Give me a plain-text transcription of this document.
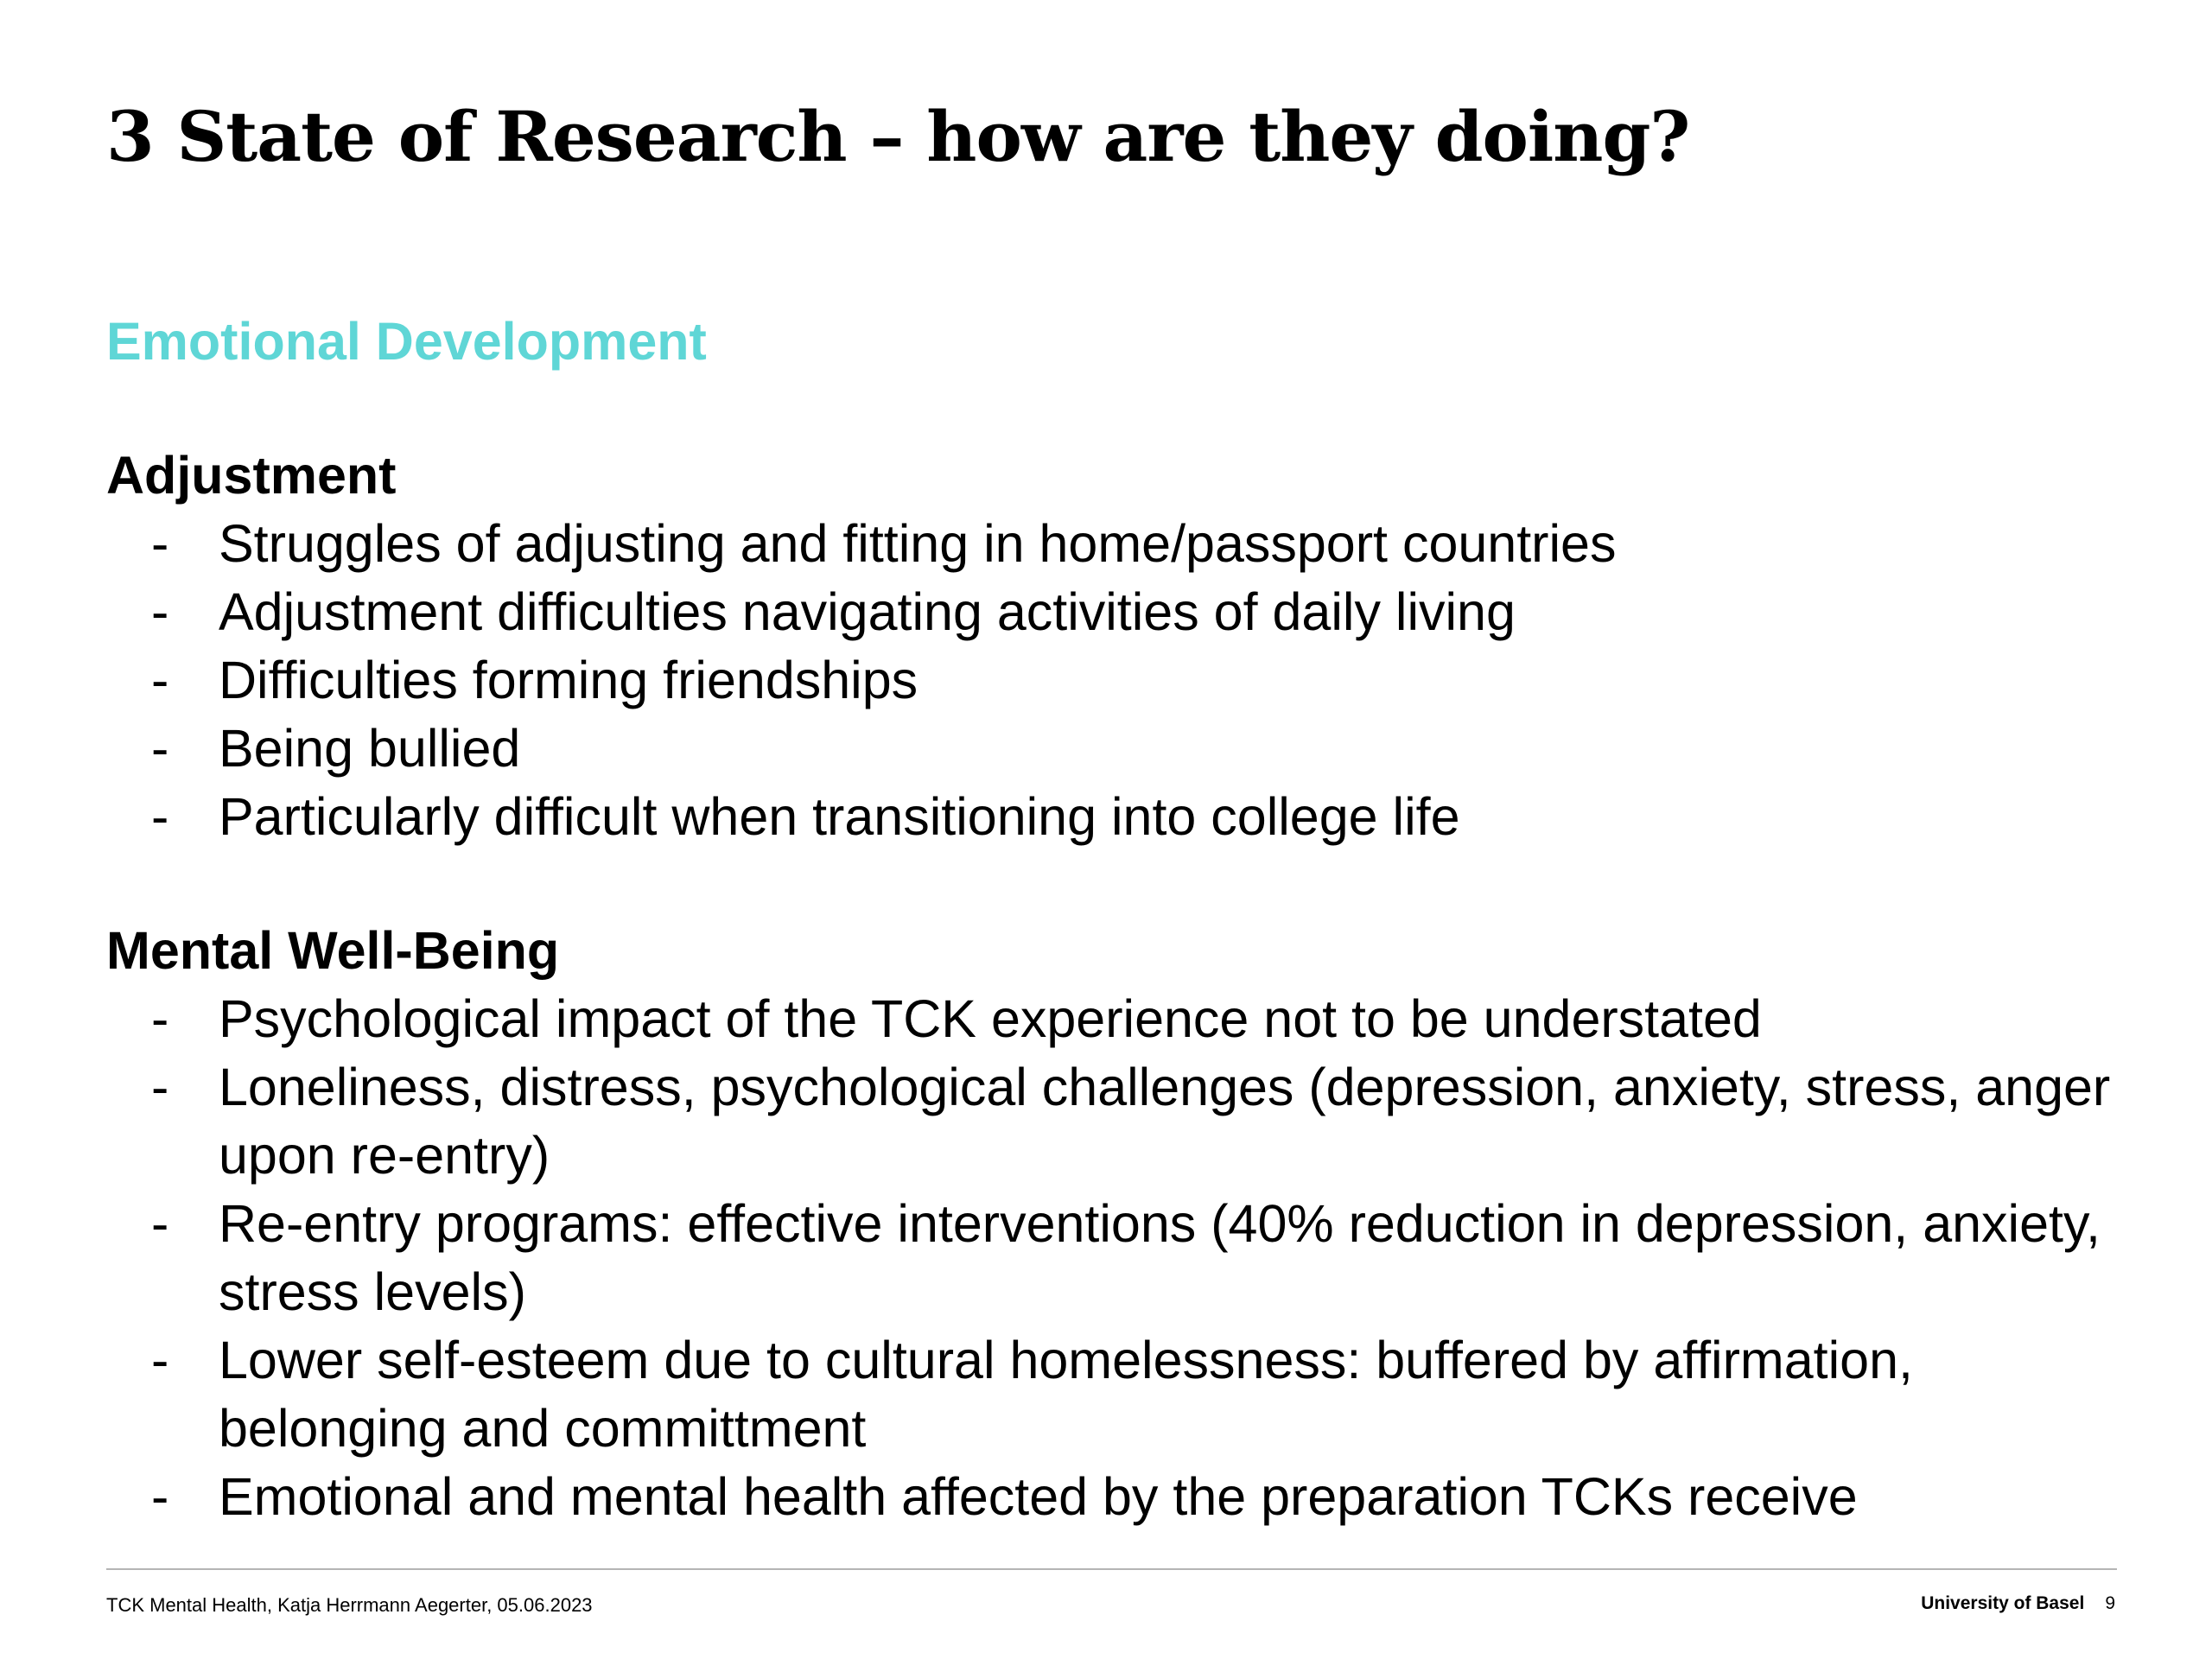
3 State of Research – how are they doing?
Emotional Development
Adjustment
- Struggles of adjusting and fitting in home/passport countries
- Adjustment difficulties navigating activities of daily living
- Difficulties forming friendships
- Being bullied
- Particularly difficult when transitioning into college life
Mental Well-Being
- Psychological impact of the TCK experience not to be understated
- Loneliness, distress, psychological challenges (depression, anxiety, stress, anger upon re-entry)
- Re-entry programs: effective interventions (40% reduction in depression, anxiety, stress levels)
- Lower self-esteem due to cultural homelessness: buffered by affirmation, belonging and committment
- Emotional and mental health affected by the preparation TCKs receive
TCK Mental Health, Katja Herrmann Aegerter, 05.06.2023	University of Basel 9
